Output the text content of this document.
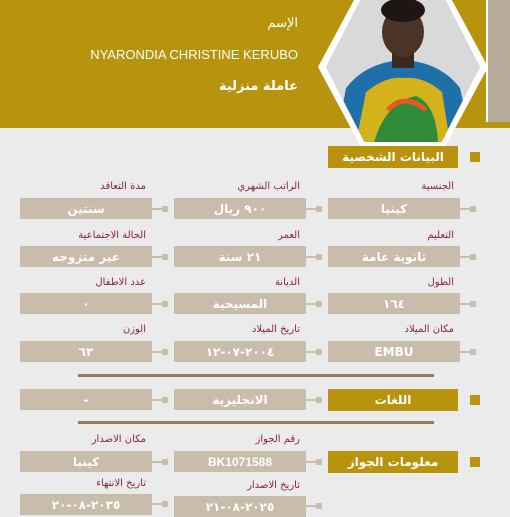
الإسم
NYARONDIA CHRISTINE KERUBO
عاملة منزلية
البيانات الشخصية
الجنسية
كينيا
الراتب الشهري
٩٠٠ ريال
مدة التعاقد
سنتين
التعليم
ثانوية عامة
العمر
٢١ سنة
الحالة الاجتماعية
غير متزوجه
الطول
١٦٤
الديانة
المسيحية
عدد الاطفال
٠
مكان الميلاد
EMBU
تاريخ الميلاد
٢٠٠٤-٠٧-١٢
الوزن
٦٣
اللغات
الانجليزية
-
معلومات الجواز
رقم الجواز
BK1071588
مكان الاصدار
كينيا
تاريخ الاصدار
٢٠٢٥-٠٨-٢١
تاريخ الانتهاء
٢٠٣٥-٠٨-٢٠
